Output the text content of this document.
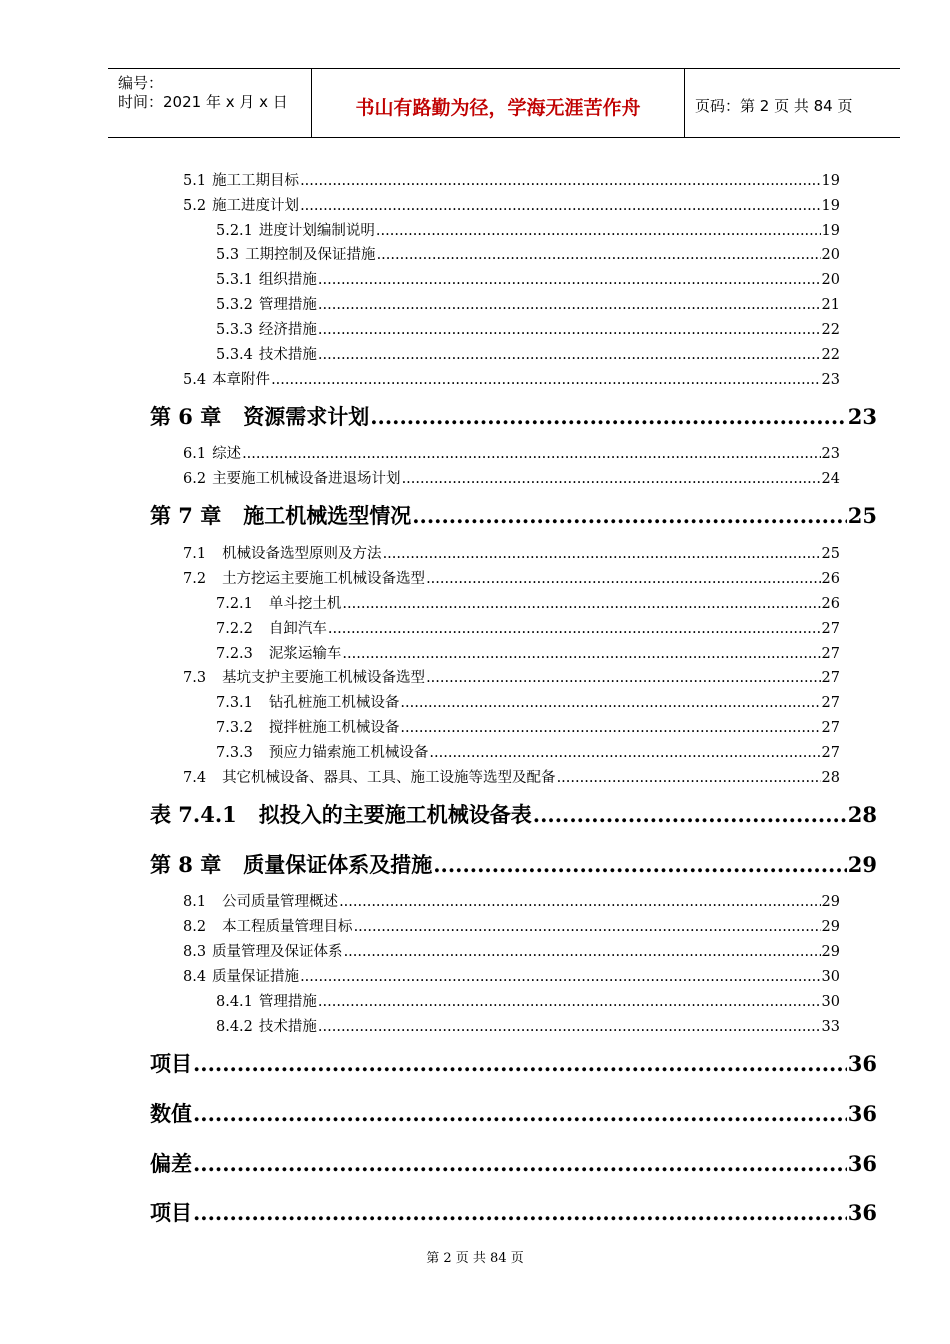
编号：
时间：2021 年 x 月 x 日	书山有路勤为径，学海无涯苦作舟	页码：第 2 页 共 84 页
5.1 施工工期目标 .....	19
5.2 施工进度计划 .....	19
5.2.1 进度计划编制说明 .....	19
5.3 工期控制及保证措施 .....	20
5.3.1 组织措施 .....	20
5.3.2 管理措施 .....	21
5.3.3 经济措施 .....	22
5.3.4 技术措施 .....	22
5.4 本章附件 .....	23
第 6 章 资源需求计划 .....	23
6.1 综述 .....	23
6.2 主要施工机械设备进退场计划 .....	24
第 7 章 施工机械选型情况 .....	25
7.1 机械设备选型原则及方法 .....	25
7.2 土方挖运主要施工机械设备选型 .....	26
7.2.1 单斗挖土机 .....	26
7.2.2 自卸汽车 .....	27
7.2.3 泥浆运输车 .....	27
7.3 基坑支护主要施工机械设备选型 .....	27
7.3.1 钻孔桩施工机械设备 .....	27
7.3.2 搅拌桩施工机械设备 .....	27
7.3.3 预应力锚索施工机械设备 .....	27
7.4 其它机械设备、器具、工具、施工设施等选型及配备 .....	28
表 7.4.1 拟投入的主要施工机械设备表 .....	28
第 8 章 质量保证体系及措施 .....	29
8.1 公司质量管理概述 .....	29
8.2 本工程质量管理目标 .....	29
8.3 质量管理及保证体系 .....	29
8.4 质量保证措施 .....	30
8.4.1 管理措施 .....	30
8.4.2 技术措施 .....	33
项目 .....	36
数值 .....	36
偏差 .....	36
项目 .....	36
第 2 页 共 84 页
